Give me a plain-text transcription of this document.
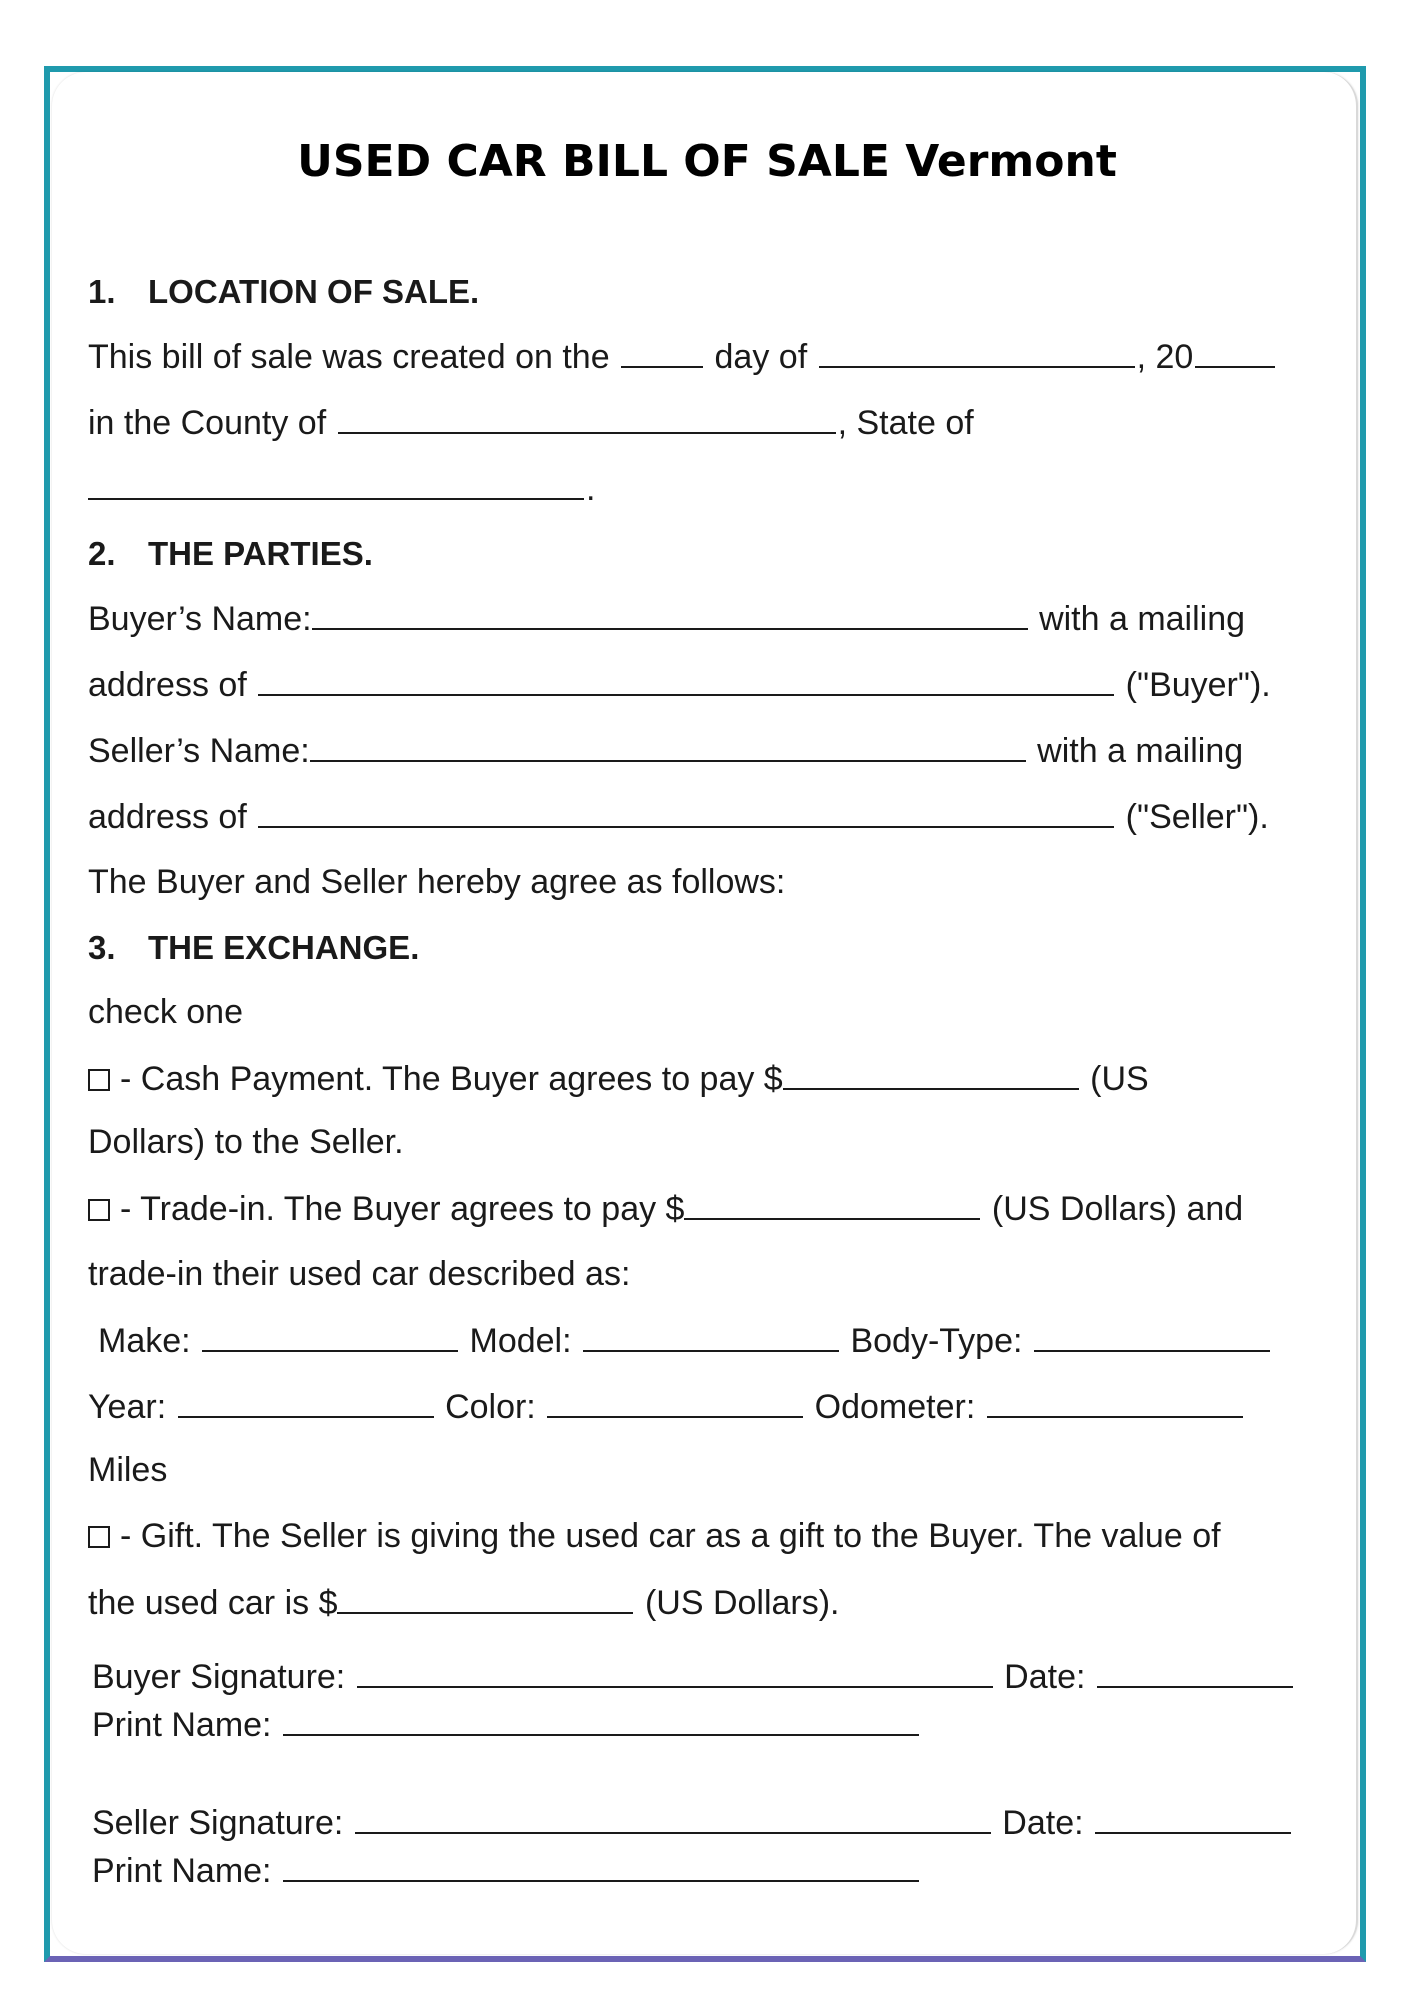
USED CAR BILL OF SALE Vermont
1. LOCATION OF SALE.
This bill of sale was created on the	day of	, 20
in the County of	, State of
.
2. THE PARTIES.
Buyer’s Name:	with a mailing
address of	("Buyer").
Seller’s Name:	with a mailing
address of	("Seller").
The Buyer and Seller hereby agree as follows:
3. THE EXCHANGE.
check one
- Cash Payment. The Buyer agrees to pay $	(US
Dollars) to the Seller.
- Trade-in. The Buyer agrees to pay $	(US Dollars) and
trade-in their used car described as:
Make:	Model:	Body-Type:
Year:	Color:	Odometer:
Miles
- Gift. The Seller is giving the used car as a gift to the Buyer. The value of
the used car is $	(US Dollars).
Buyer Signature:	Date:
Print Name:
Seller Signature:	Date:
Print Name:
